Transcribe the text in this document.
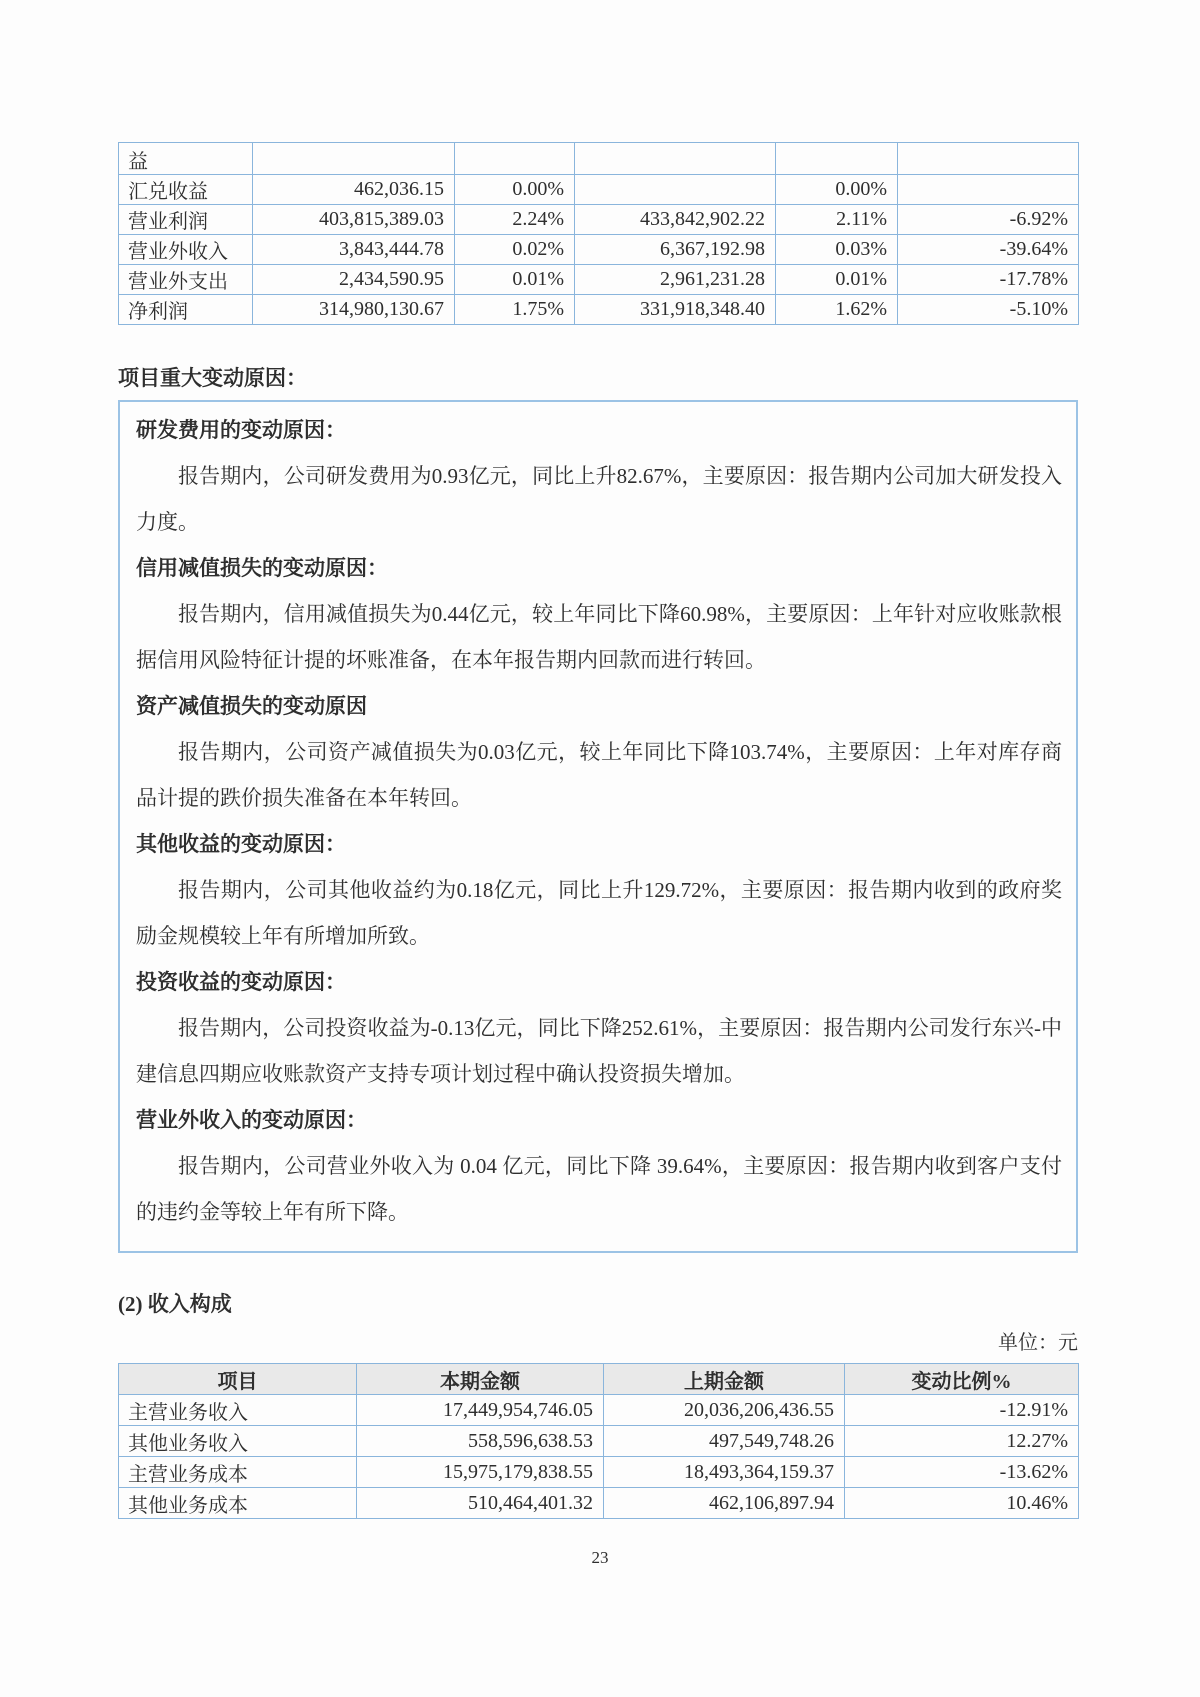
益					
汇兑收益	462,036.15	0.00%		0.00%	
营业利润	403,815,389.03	2.24%	433,842,902.22	2.11%	-6.92%
营业外收入	3,843,444.78	0.02%	6,367,192.98	0.03%	-39.64%
营业外支出	2,434,590.95	0.01%	2,961,231.28	0.01%	-17.78%
净利润	314,980,130.67	1.75%	331,918,348.40	1.62%	-5.10%
项目重大变动原因：
研发费用的变动原因：

报告期内，公司研发费用为0.93亿元，同比上升82.67%，主要原因：报告期内公司加大研发投入力度。

信用减值损失的变动原因：

报告期内，信用减值损失为0.44亿元，较上年同比下降60.98%，主要原因：上年针对应收账款根据信用风险特征计提的坏账准备，在本年报告期内回款而进行转回。

资产减值损失的变动原因

报告期内，公司资产减值损失为0.03亿元，较上年同比下降103.74%，主要原因：上年对库存商品计提的跌价损失准备在本年转回。

其他收益的变动原因：

报告期内，公司其他收益约为0.18亿元，同比上升129.72%，主要原因：报告期内收到的政府奖励金规模较上年有所增加所致。

投资收益的变动原因：

报告期内，公司投资收益为-0.13亿元，同比下降252.61%，主要原因：报告期内公司发行东兴-中建信息四期应收账款资产支持专项计划过程中确认投资损失增加。

营业外收入的变动原因：

报告期内，公司营业外收入为 0.04 亿元，同比下降 39.64%，主要原因：报告期内收到客户支付的违约金等较上年有所下降。

(2) 收入构成
单位：元
项目	本期金额	上期金额	变动比例%
主营业务收入	17,449,954,746.05	20,036,206,436.55	-12.91%
其他业务收入	558,596,638.53	497,549,748.26	12.27%
主营业务成本	15,975,179,838.55	18,493,364,159.37	-13.62%
其他业务成本	510,464,401.32	462,106,897.94	10.46%
23
